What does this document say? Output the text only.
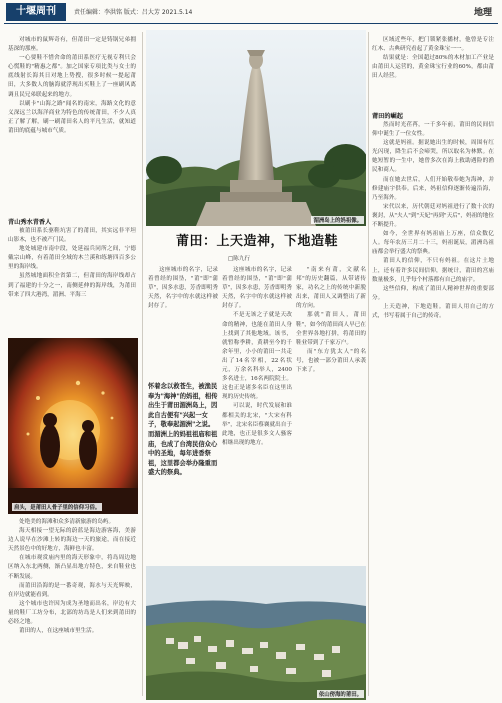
十堰周刊	责任编辑：李洪铭 版式：吕大芳 2021.5.14	地理

对城市的鼠辉奇有，但莆田一定是铸锅兄弟拥基深的那座。

一心要鞋不惜舍命的莆田系医疗无视专利只会心慌鞋的"精惠之都"。加之国家专项比类与女士的底线射长海其日对地上势搜，很多时候一提起莆田，大多数人的脑海就浮现出买鞋上了一座刷风离调且民兄弟联起来的地方。

以刷卡"山海之路"闻名的南宋，海路文化的意义深远兰以海洋商业为特色的传统莆田，不少人真正了解了解，刷一刷莆田名人的平凡生活，就知道莆田的底蕴与城市气质。

青山秀水青香人

被莆田系长驱鞋坑害了的莆田，其实远非平坦山影木，也不被产门民。

地处城建市南中段，处延福兵同所之间，宁德戴宗山峰，有着莆田全域的木兰溪和练塘四百多公里的海岸线。

虽然城地面积全省第二，但莆田的海岸线却占到了福建的十分之一，南侧延伸的海岸线，为莆田带来了四大港湾，湄洲、平海三

肩头，是莆田人骨子里的信仰习俗。

处绝美的海滩和众多清新旅游的岛屿。

海天相接一望无际的蔚蓝是海边游客海，美游边人说早在沙滩上转的海边一天的旅途，而在接近天然景色中的好地方，海鲜也丰富。

在城市观赏庙内里的海天形象中，将岛周边地区纳入东北两侧，渐凸显出地方特色，来自鞋业也不断发展。

而莆田沿海的是一番奇观，海水与天光辉映，在岸边就能看到。

这个城市也许因为成为圣地而出名，岸边有大量的鞋厂工坊分布，北部的坊岛是人们来到莆田的必经之地。

莆田的人，在这座城市里生活。

湄洲岛上的妈祖像。

区域近些年，把门锁紧张播材，他曾是专注红木、古典研究看起了黄金珠宝一一。

结果就是：全国超过80%的木材加工产业是由莆田人运营的，黄金珠宝行业的60%，都由莆田人经营。

莆田的崛起

然而时光荏苒，一千多年前，莆田的民间信仰中诞生了一位女性。

这就是妈祖。据说她出生的时候，周围有红光闪现，降生后不会啼哭，所以取名为林默。在她短暂的一生中，她曾多次在海上救助遇险的渔民和商人。

而在她去世后，人们开始敬奉她为海神，并修建庙宇供奉。后来，妈祖信仰逐渐传遍沿海，乃至海外。

宋代以来，历代朝廷对妈祖进行了数十次的褒封，从"夫人"到"天妃"再到"天后"，妈祖的地位不断提升。

如今，全世界有妈祖庙上万座，信众数亿人。每年农历三月二十三，妈祖诞辰，湄洲岛祖庙都会举行盛大的祭典。

莆田人的信仰，不只有妈祖。在这片土地上，还有着许多民间信仰，据统计，莆田的宫庙数量极多，几乎每个村落都有自己的庙宇。

这些信仰，构成了莆田人精神世界的重要部分。

上天造神，下地造鞋。莆田人用自己的方式，书写着属于自己的传奇。

莆田：上天造神，下地造鞋
□陈九行

这座城市的名字，记录着曾经的围垦，"莆"即"蒲草"，因多水患，芳香即明秀天然，名字中的水就这样被封存了。

不是无该之子就是天改命的精神，也能在莆田人身上找到了其他地域。该书，就暂称季耕，黄耕至今的千余年里，小小的莆田一共走出了14名宰相，22名状元，万余名科举人，2400多名进士，16名两院院士。这也正是诸多名臣在这里出现的历史传统。

可以说，时代发展和谁都相关的北宋，"大宋有科举"，北宋名臣蔡襄就出自于此地，也正是很多文人骚客相继出现的地方。

"南来有莆，文献名邦"的历史翻篇，从带诸传家，功名之上的传统中新脱出来，莆田人又调整出了新的方向。

那就"莆田人，莆田鞋"，如今的莆田商人早已在全世界各地打拼，将莆田的鞋业带到了千家万户。

而"东方犹太人"的名号，也被一部分莆田人承袭下来了。

这座城市的名字，记录着曾经的围垦，"莆"即"蒲草"，因多水患，芳香即明秀天然，名字中的水就这样被封存了。

怀着念以救苍生，被渔民奉为"海神"的妈祖，相传出生于莆田湄洲岛上，因此自古便有"兴起一女子，敬奉起湄洲"之说。而湄洲上的妈祖祖庙和祖庙，也成了台湾民信众心中的圣地，每年进香祭祖，这里都会举办隆重而盛大的祭典。
依山傍海的莆田。
